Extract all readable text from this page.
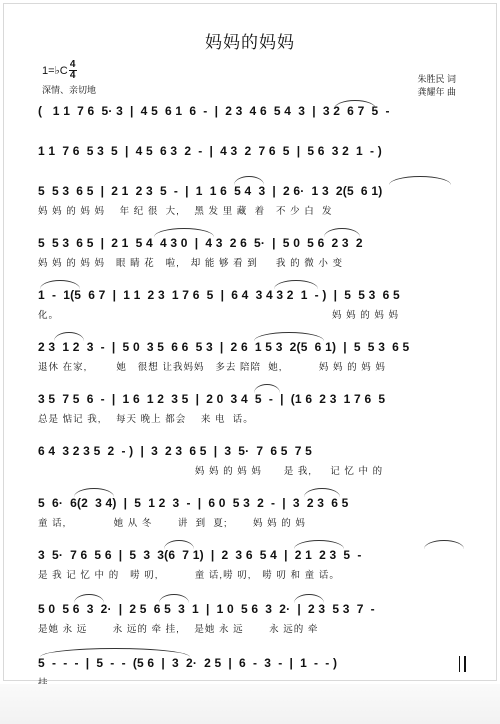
妈妈的妈妈
1=♭C $\frac{4}{4}$
深情、亲切地
朱胜民 词
龚耀年 曲
(   1 1  7 6  5· 3  |  4 5  6 1  6  -  |  2 3  4 6  5 4  3  |  3 2  6 7  5  -
1 1  7 6  5 3  5  |  4 5  6 3  2  -  |  4 3  2  7 6  5  |  5 6  3 2  1  - )
5  5 3  6 5  |  2 1  2 3  5  -  |  1  1 6  5 4  3  |  2 6·  1 3  2(5  6 1)
妈 妈 的 妈 妈    年 纪 很  大,    黑 发 里 藏  着   不 少 白  发
5  5 3  6 5  |  2 1  5 4  4 3 0  |  4 3  2 6  5·  |  5 0  5 6  2 3  2
妈 妈 的 妈 妈   眼 睛 花   啦,   却 能 够 看 到     我 的 微 小 变
1  -  1(5  6 7  |  1 1  2 3  1 7 6  5  |  6 4  3 4 3 2  1  - )  |  5  5 3  6 5
化。                                                                           妈 妈 的 妈 妈
2 3  1 2  3  -  |  5 0  3 5  6 6  5 3  |  2 6  1 5 3  2(5  6 1)  |  5  5 3  6 5
退休 在家,        她   很想 让我妈妈   多去 陪陪  她,          妈 妈 的 妈 妈
3 5  7 5  6  -  |  1 6  1 2  3 5  |  2 0  3 4  5  -  |  (1 6  2 3  1 7 6  5
总是 惦记 我,    每天 晚上 都会    来 电  话。
6 4  3 2 3 5  2  - )  |  3  2 3  6 5  |  3  5·  7  6 5  7 5
妈 妈 的 妈 妈      是 我,     记 忆 中 的
5  6·  6(2  3 4)  |  5  1 2  3  -  |  6 0  5 3  2  -  |  3  2 3  6 5
童 话,             她 从 冬       讲  到  夏;       妈 妈 的 妈
3  5·  7 6  5 6  |  5  3  3(6  7 1)  |  2  3 6  5 4  |  2 1  2 3  5  -
是 我 记 忆 中 的   唠 叨,          童 话,唠 叨,   唠 叨 和 童 话。
5 0  5 6  3  2·  |  2 5  6 5  3  1  |  1 0  5 6  3  2·  |  2 3  5 3  7  -
是她 永 远       永 远的 牵 挂,    是她 永 远       永 远的 牵
5  -  -  -  |  5  -  -  (5 6  |  3  2·  2 5  |  6  -  3  -  |  1  -  - )
